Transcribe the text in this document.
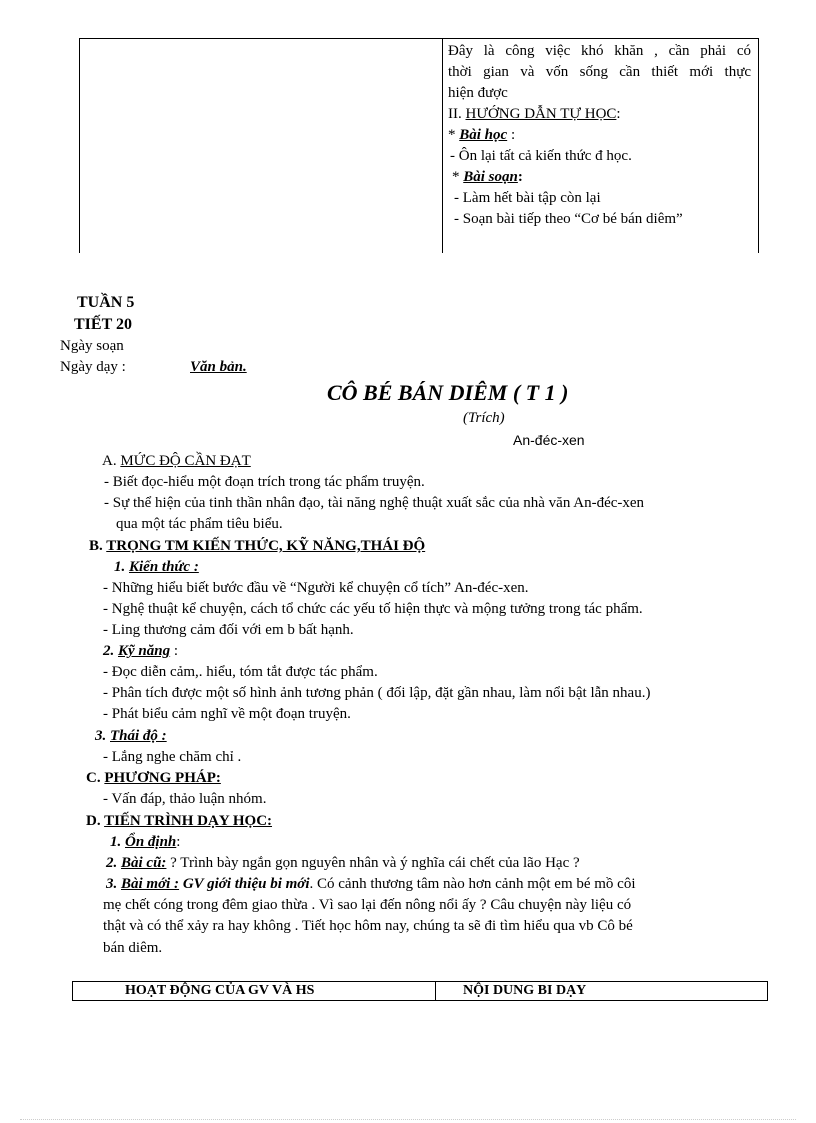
Đây là công việc khó khăn , cần phải có
thời gian và vốn sống cần thiết mới thực
hiện được
II. HƯỚNG DẪN TỰ HỌC:
* Bài học :
- Ôn lại tất cả kiến thức đ học.
* Bài soạn:
- Làm hết bài tập còn lại
- Soạn bài tiếp theo “Cơ bé bán diêm”
TUẦN 5
TIẾT 20
Ngày soạn
Ngày dạy :	Văn bản.
CÔ BÉ BÁN DIÊM ( T 1 )
(Trích)
An-đéc-xen
A. MỨC ĐỘ CẦN ĐẠT
- Biết đọc-hiểu một đoạn trích trong tác phẩm truyện.
- Sự thể hiện của tinh thần nhân đạo, tài năng nghệ thuật xuất sắc của nhà văn An-đéc-xen
qua một tác phẩm tiêu biểu.
B. TRỌNG TM KIẾN THỨC, KỸ NĂNG,THÁI ĐỘ
1. Kiến thức :
- Những hiểu biết bước đầu về “Người kể chuyện cổ tích” An-đéc-xen.
- Nghệ thuật kể chuyện, cách tổ chức các yếu tố hiện thực và mộng tưởng trong tác phẩm.
- Ling thương cảm đối với em b bất hạnh.
2. Kỹ năng :
- Đọc diễn cảm,. hiểu, tóm tắt được tác phẩm.
- Phân tích được một số hình ảnh tương phản ( đối lập, đặt gần nhau, làm nổi bật lẫn nhau.)
- Phát biểu cảm nghĩ về một đoạn truyện.
3. Thái độ :
- Lắng nghe chăm chỉ .
C. PHƯƠNG PHÁP:
- Vấn đáp, thảo luận nhóm.
D. TIẾN TRÌNH DẠY HỌC:
1. Ổn định:
2. Bài cũ: ? Trình bày ngắn gọn nguyên nhân và ý nghĩa cái chết của lão Hạc ?
3. Bài mới : GV giới thiệu bi mới. Có cảnh thương tâm nào hơn cảnh một em bé mồ côi
mẹ chết cóng trong đêm giao thừa . Vì sao lại đến nông nổi ấy ? Câu chuyện này liệu có
thật và có thể xảy ra hay không . Tiết học hôm nay, chúng ta sẽ đi tìm hiểu qua vb Cô bé
bán diêm.
HOẠT ĐỘNG CỦA GV VÀ HS	NỘI DUNG BI DẠY
